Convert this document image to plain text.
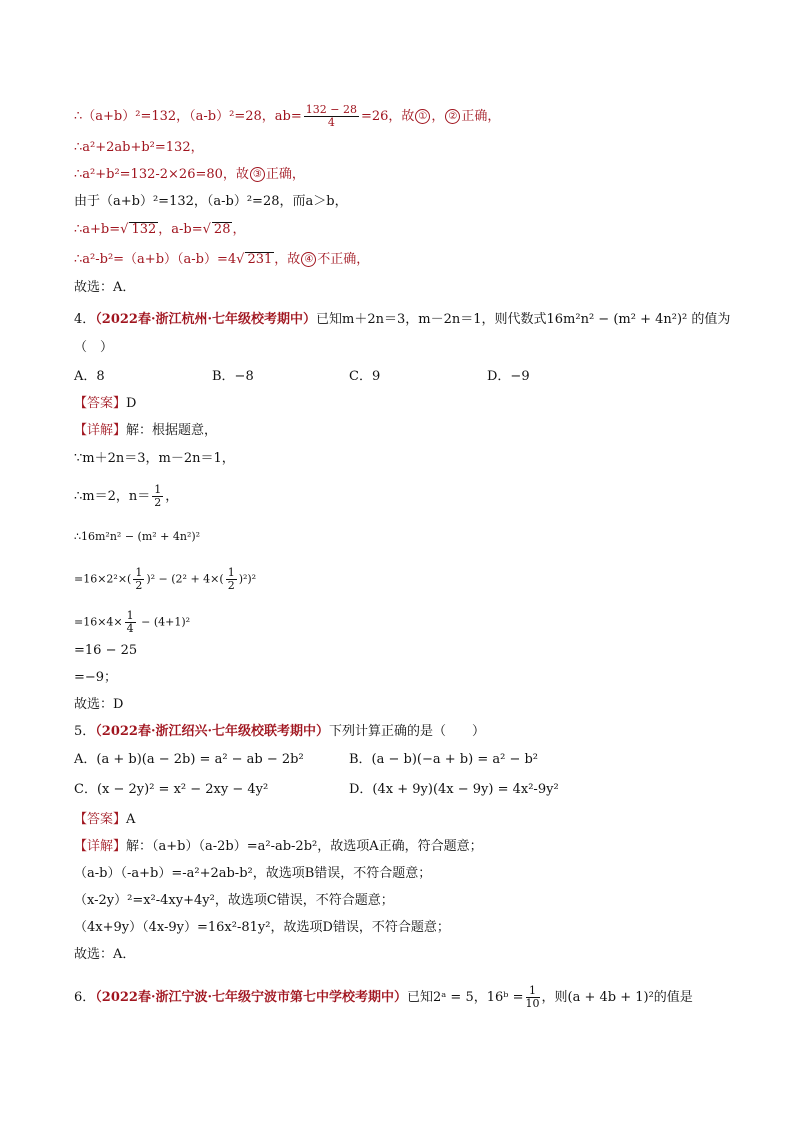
∴（a+b）²=132，（a-b）²=28，$ab= \frac{132 - 28}{4} =26$，故 ① ， ② 正确，
∴a²+2ab+b²=132，
∴a²+b²=132-2×26=80，故 ③ 正确，
由于（a+b）²=132，（a-b）²=28，而a＞b，
∴a+b=√ 132 ，a-b=√ 28 ，
∴a²-b²=（a+b）（a-b）=4√ 231 ，故 ④ 不正确，
故选：A．
4．（2022春·浙江杭州·七年级校考期中）已知m＋2n＝3，m－2n＝1，则代数式16m²n² − (m² + 4n²)² 的值为
（　）
A．8	B．−8	C．9	D．−9
【答案】D
【详解】解：根据题意，
∵m＋2n＝3，m－2n＝1，
∴m＝2，$n= \frac{1}{2}$ ，
∴16m²n² − (m² + 4n²)²
$=16\times 2^2\times( \frac{1}{2} )^2 - (2^2 + 4\times( \frac{1}{2} )^2)^2$
$=16\times 4\times \frac{1}{4} - (4+1)^2$
=16 − 25
=−9；
故选：D
5．（2022春·浙江绍兴·七年级校联考期中）下列计算正确的是（　　）
A．(a + b)(a − 2b) = a² − ab − 2b²	B．(a − b)(−a + b) = a² − b²
C．(x − 2y)² = x² − 2xy − 4y²	D．(4x + 9y)(4x − 9y) = 4x²-9y²
【答案】A
【详解】解：（a+b）（a-2b）=a²-ab-2b²，故选项A正确，符合题意；
（a-b）（-a+b）=-a²+2ab-b²，故选项B错误，不符合题意；
（x-2y）²=x²-4xy+4y²，故选项C错误，不符合题意；
（4x+9y）（4x-9y）=16x²-81y²，故选项D错误，不符合题意；
故选：A．
6．（2022春·浙江宁波·七年级宁波市第七中学校考期中）已知2ᵃ = 5，16ᵇ = $\frac{1}{10}$ ，则(a + 4b + 1)²的值是
